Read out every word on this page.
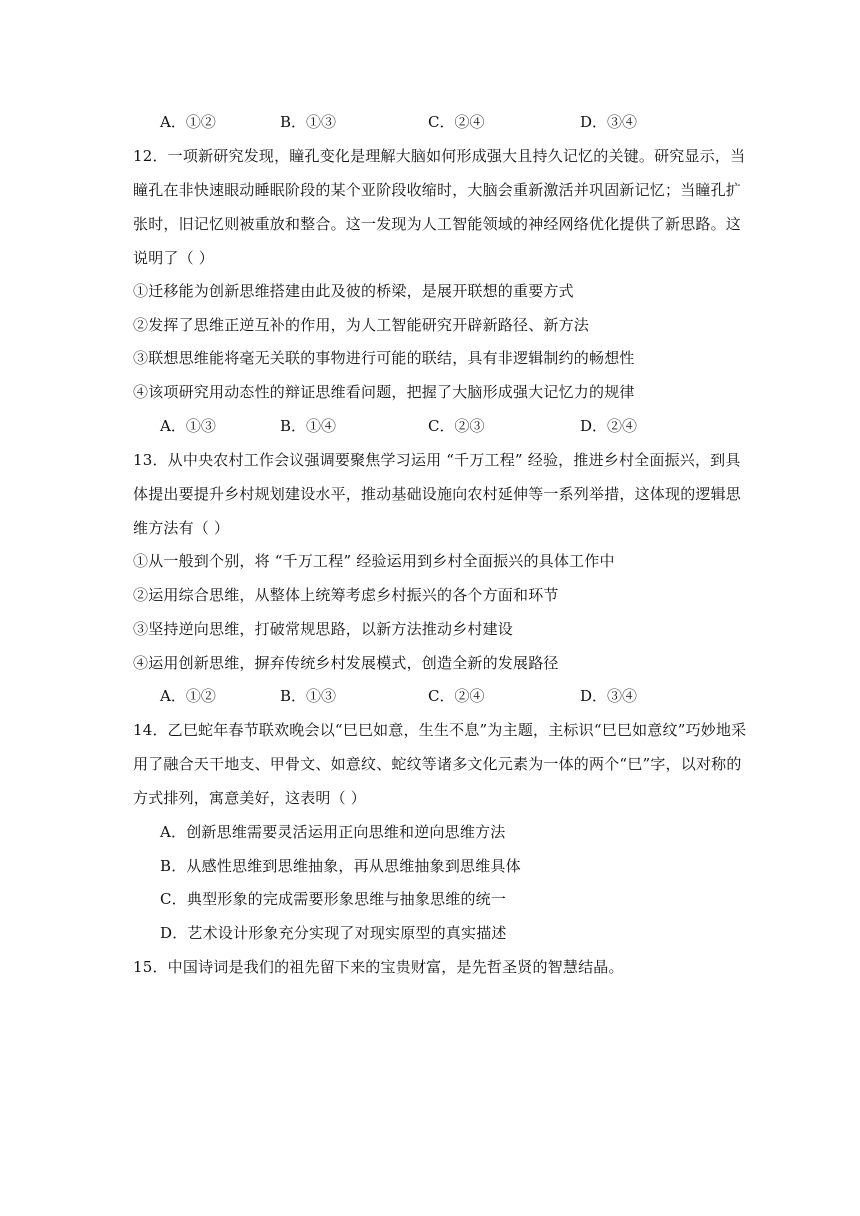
A．①②	B．①③	C．②④	D．③④
12．一项新研究发现，瞳孔变化是理解大脑如何形成强大且持久记忆的关键。研究显示，当
瞳孔在非快速眼动睡眠阶段的某个亚阶段收缩时，大脑会重新激活并巩固新记忆；当瞳孔扩
张时，旧记忆则被重放和整合。这一发现为人工智能领域的神经网络优化提供了新思路。这
说明了（ ）
①迁移能为创新思维搭建由此及彼的桥梁，是展开联想的重要方式
②发挥了思维正逆互补的作用，为人工智能研究开辟新路径、新方法
③联想思维能将毫无关联的事物进行可能的联结，具有非逻辑制约的畅想性
④该项研究用动态性的辩证思维看问题，把握了大脑形成强大记忆力的规律
A．①③	B．①④	C．②③	D．②④
13．从中央农村工作会议强调要聚焦学习运用 “千万工程” 经验，推进乡村全面振兴，到具
体提出要提升乡村规划建设水平，推动基础设施向农村延伸等一系列举措，这体现的逻辑思
维方法有（ ）
①从一般到个别，将 “千万工程” 经验运用到乡村全面振兴的具体工作中
②运用综合思维，从整体上统筹考虑乡村振兴的各个方面和环节
③坚持逆向思维，打破常规思路，以新方法推动乡村建设
④运用创新思维，摒弃传统乡村发展模式，创造全新的发展路径
A．①②	B．①③	C．②④	D．③④
14．乙巳蛇年春节联欢晚会以“巳巳如意，生生不息”为主题，主标识“巳巳如意纹”巧妙地采
用了融合天干地支、甲骨文、如意纹、蛇纹等诸多文化元素为一体的两个“巳”字，以对称的
方式排列，寓意美好，这表明（ ）
A．创新思维需要灵活运用正向思维和逆向思维方法
B．从感性思维到思维抽象，再从思维抽象到思维具体
C．典型形象的完成需要形象思维与抽象思维的统一
D．艺术设计形象充分实现了对现实原型的真实描述
15．中国诗词是我们的祖先留下来的宝贵财富，是先哲圣贤的智慧结晶。
